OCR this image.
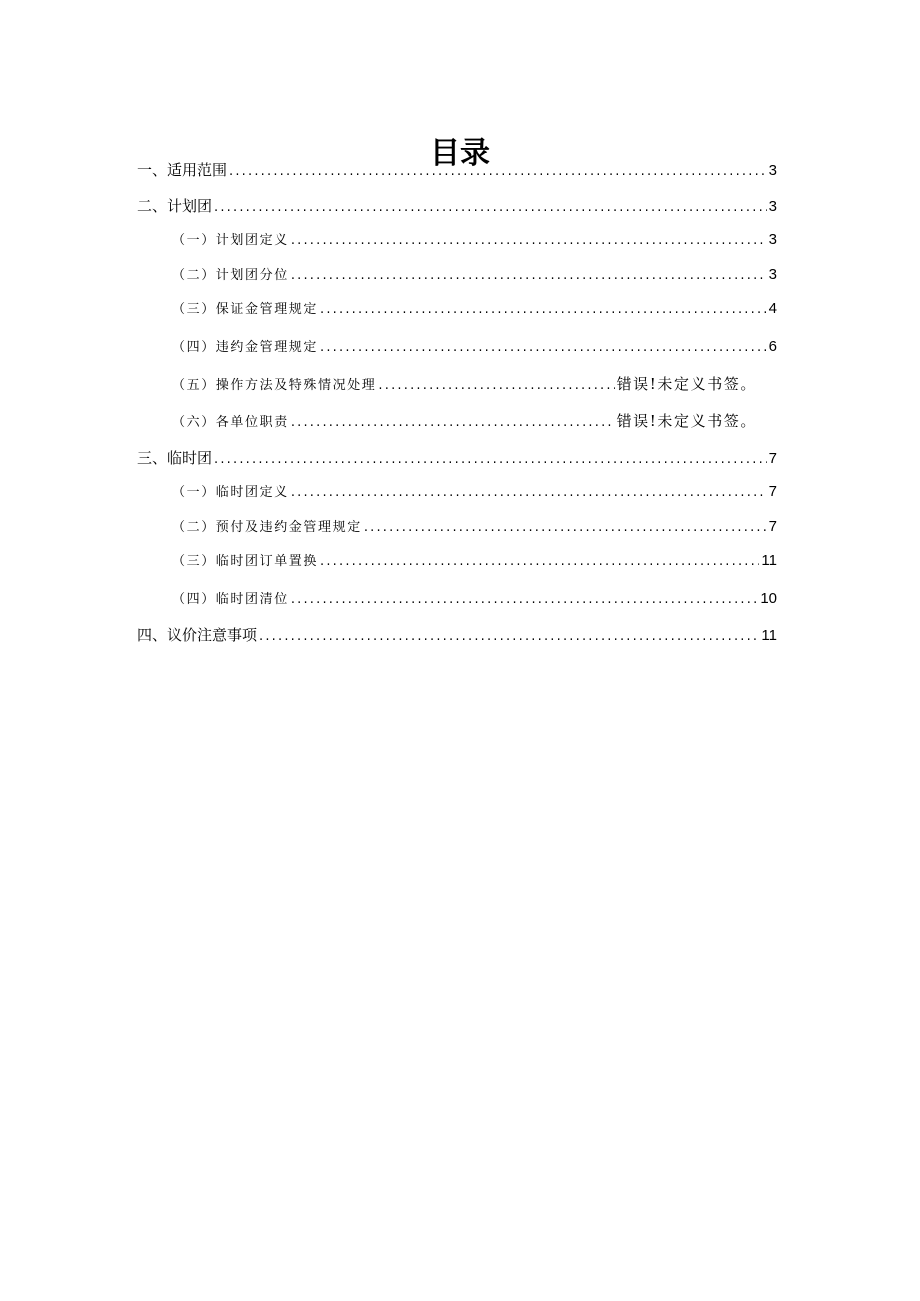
目录
一、适用范围 .....	3
二、计划团 .....	3
（一）计划团定义 .....	3
（二）计划团分位 .....	3
（三）保证金管理规定 .....	4
（四）违约金管理规定 .....	6
（五）操作方法及特殊情况处理 .....	错误!未定义书签。
（六）各单位职责 .....	错误!未定义书签。
三、临时团 .....	7
（一）临时团定义 .....	7
（二）预付及违约金管理规定 .....	7
（三）临时团订单置换 .....	11
（四）临时团清位 .....	10
四、议价注意事项 .....	11
